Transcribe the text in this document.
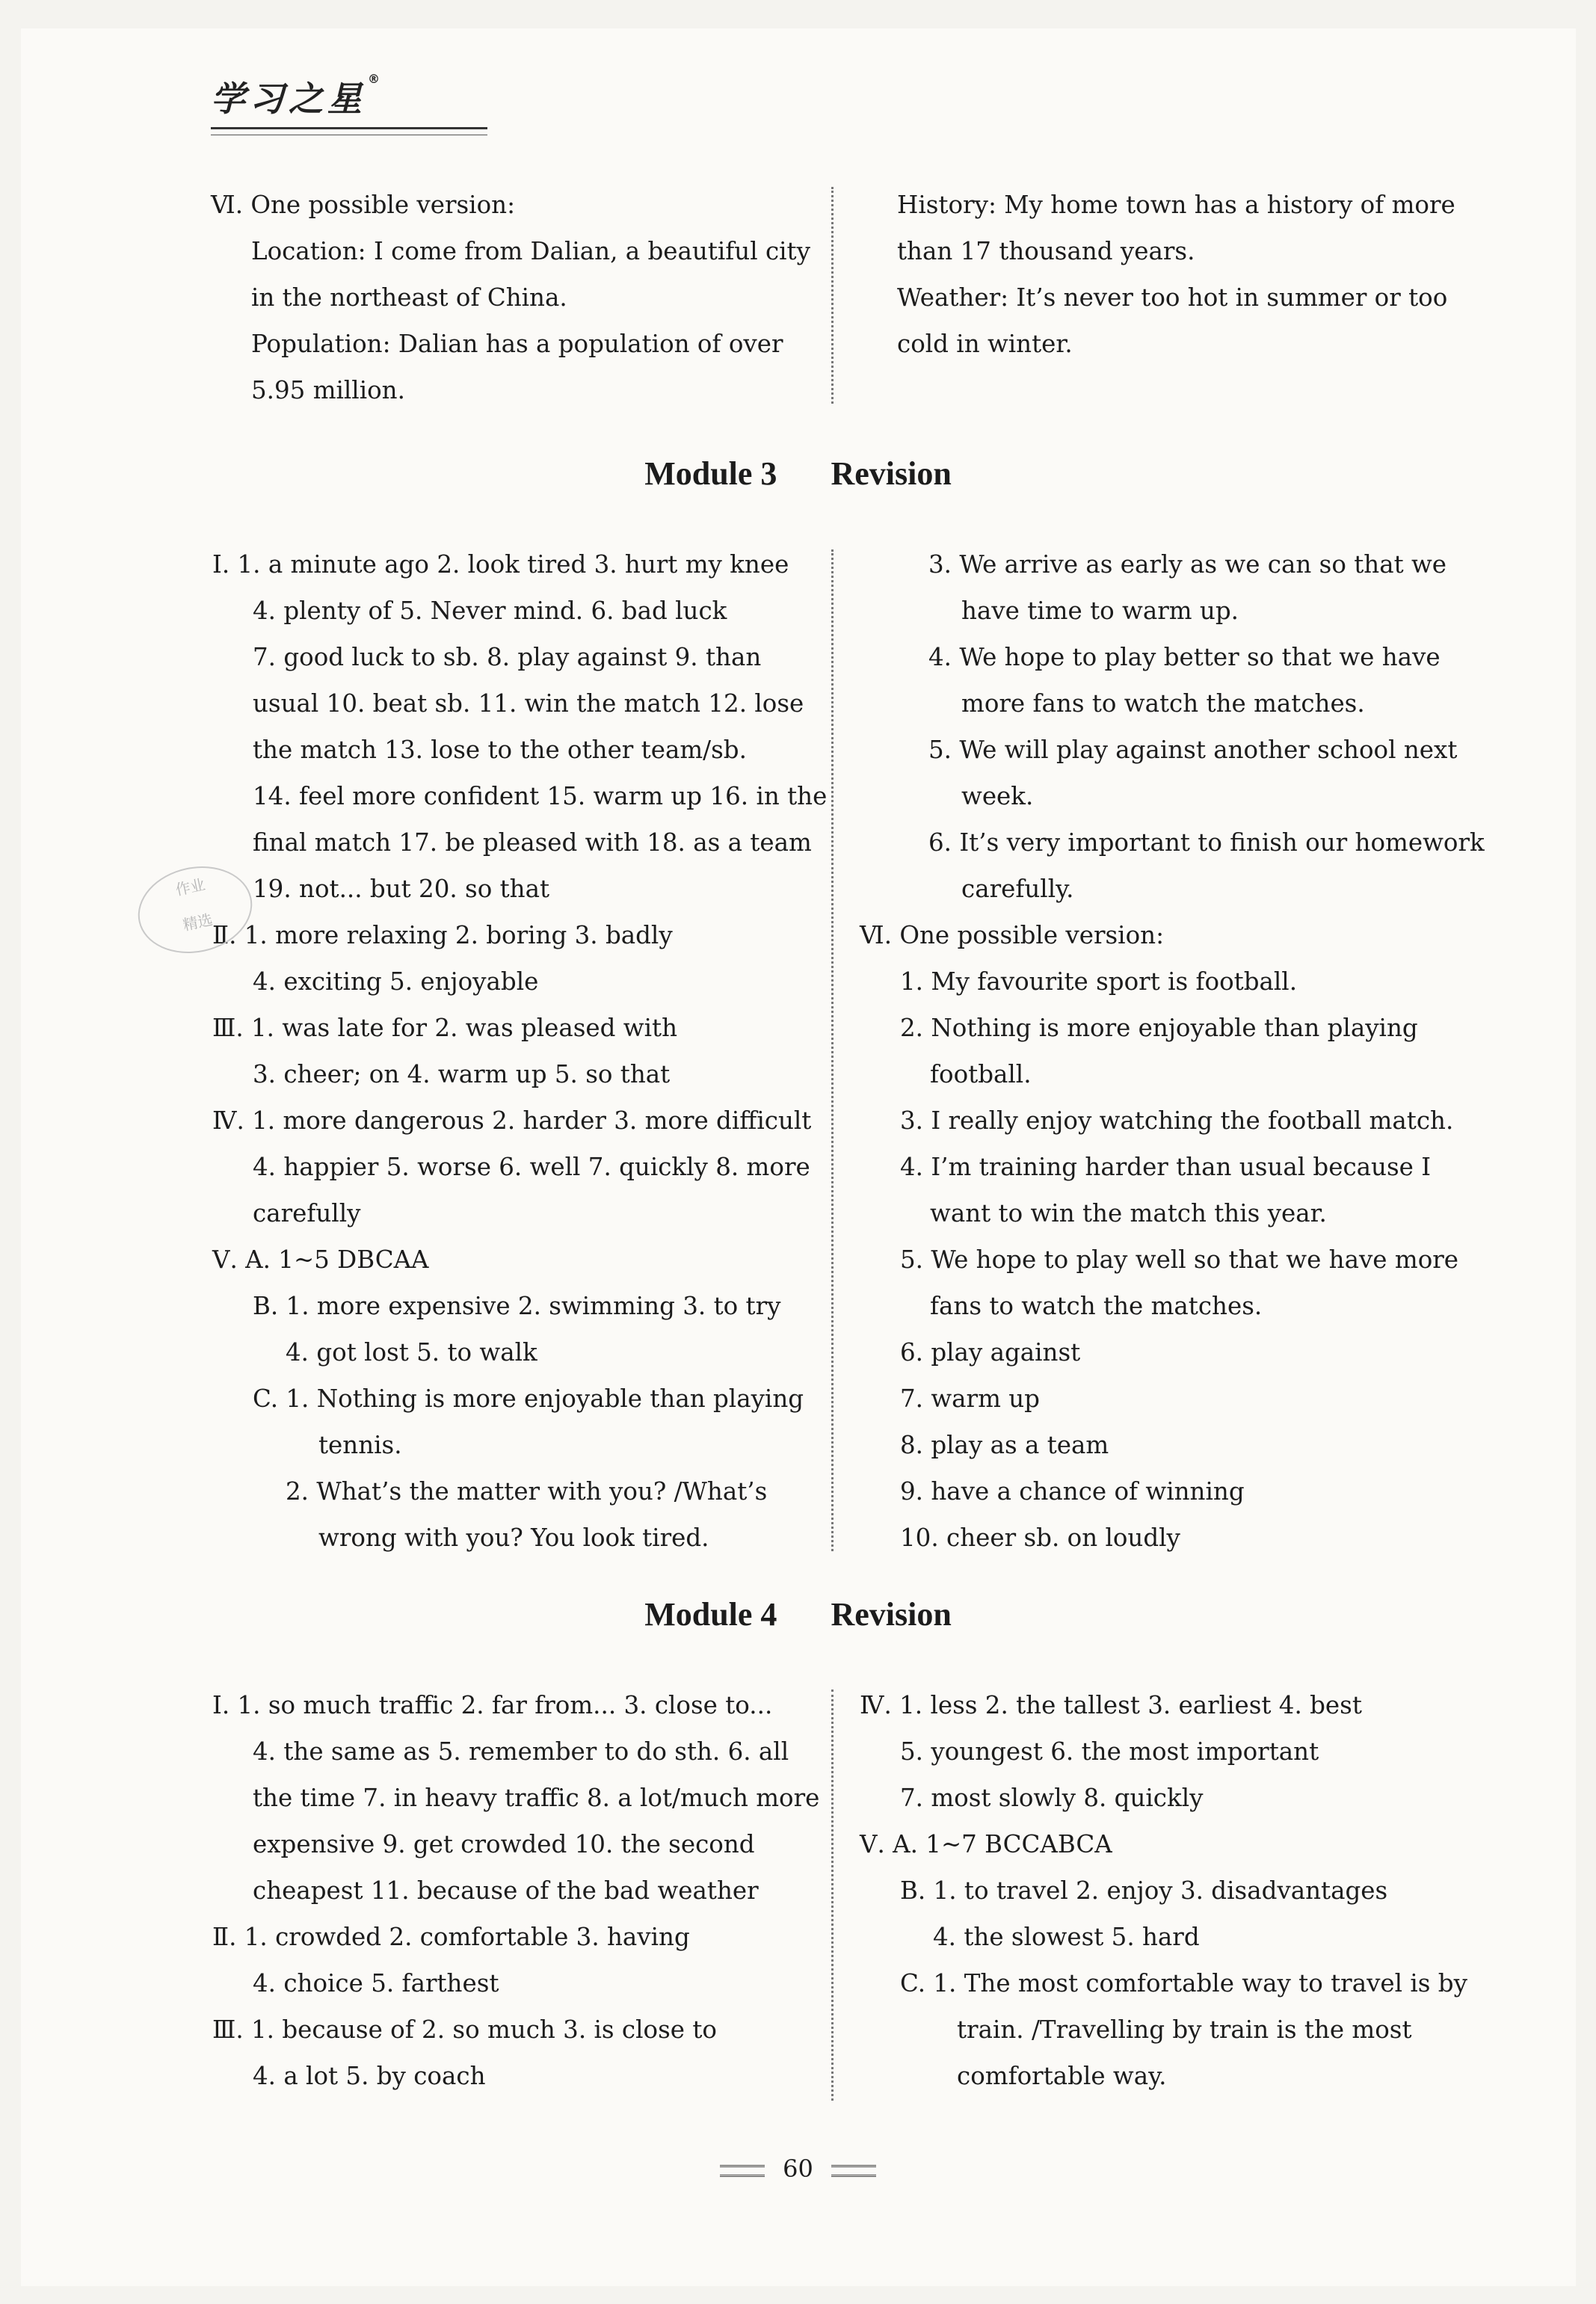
学习之星 ®
Ⅵ. One possible version:
Location: I come from Dalian, a beautiful city
in the northeast of China.
Population: Dalian has a population of over
5.95 million.
History: My home town has a history of more
than 17 thousand years.
Weather: It’s never too hot in summer or too
cold in winter.
Module 3 Revision
Ⅰ. 1. a minute ago 2. look tired 3. hurt my knee
4. plenty of 5. Never mind. 6. bad luck
7. good luck to sb. 8. play against 9. than
usual 10. beat sb. 11. win the match 12. lose
the match 13. lose to the other team/sb.
14. feel more confident 15. warm up 16. in the
final match 17. be pleased with 18. as a team
19. not... but 20. so that
Ⅱ. 1. more relaxing 2. boring 3. badly
4. exciting 5. enjoyable
Ⅲ. 1. was late for 2. was pleased with
3. cheer; on 4. warm up 5. so that
Ⅳ. 1. more dangerous 2. harder 3. more difficult
4. happier 5. worse 6. well 7. quickly 8. more
carefully
Ⅴ. A. 1~5 DBCAA
B. 1. more expensive 2. swimming 3. to try
4. got lost 5. to walk
C. 1. Nothing is more enjoyable than playing
tennis.
2. What’s the matter with you? /What’s
wrong with you? You look tired.
3. We arrive as early as we can so that we
have time to warm up.
4. We hope to play better so that we have
more fans to watch the matches.
5. We will play against another school next
week.
6. It’s very important to finish our homework
carefully.
Ⅵ. One possible version:
1. My favourite sport is football.
2. Nothing is more enjoyable than playing
football.
3. I really enjoy watching the football match.
4. I’m training harder than usual because I
want to win the match this year.
5. We hope to play well so that we have more
fans to watch the matches.
6. play against
7. warm up
8. play as a team
9. have a chance of winning
10. cheer sb. on loudly
Module 4 Revision
Ⅰ. 1. so much traffic 2. far from... 3. close to...
4. the same as 5. remember to do sth. 6. all
the time 7. in heavy traffic 8. a lot/much more
expensive 9. get crowded 10. the second
cheapest 11. because of the bad weather
Ⅱ. 1. crowded 2. comfortable 3. having
4. choice 5. farthest
Ⅲ. 1. because of 2. so much 3. is close to
4. a lot 5. by coach
Ⅳ. 1. less 2. the tallest 3. earliest 4. best
5. youngest 6. the most important
7. most slowly 8. quickly
Ⅴ. A. 1~7 BCCABCA
B. 1. to travel 2. enjoy 3. disadvantages
4. the slowest 5. hard
C. 1. The most comfortable way to travel is by
train. /Travelling by train is the most
comfortable way.
作业
精选
60
